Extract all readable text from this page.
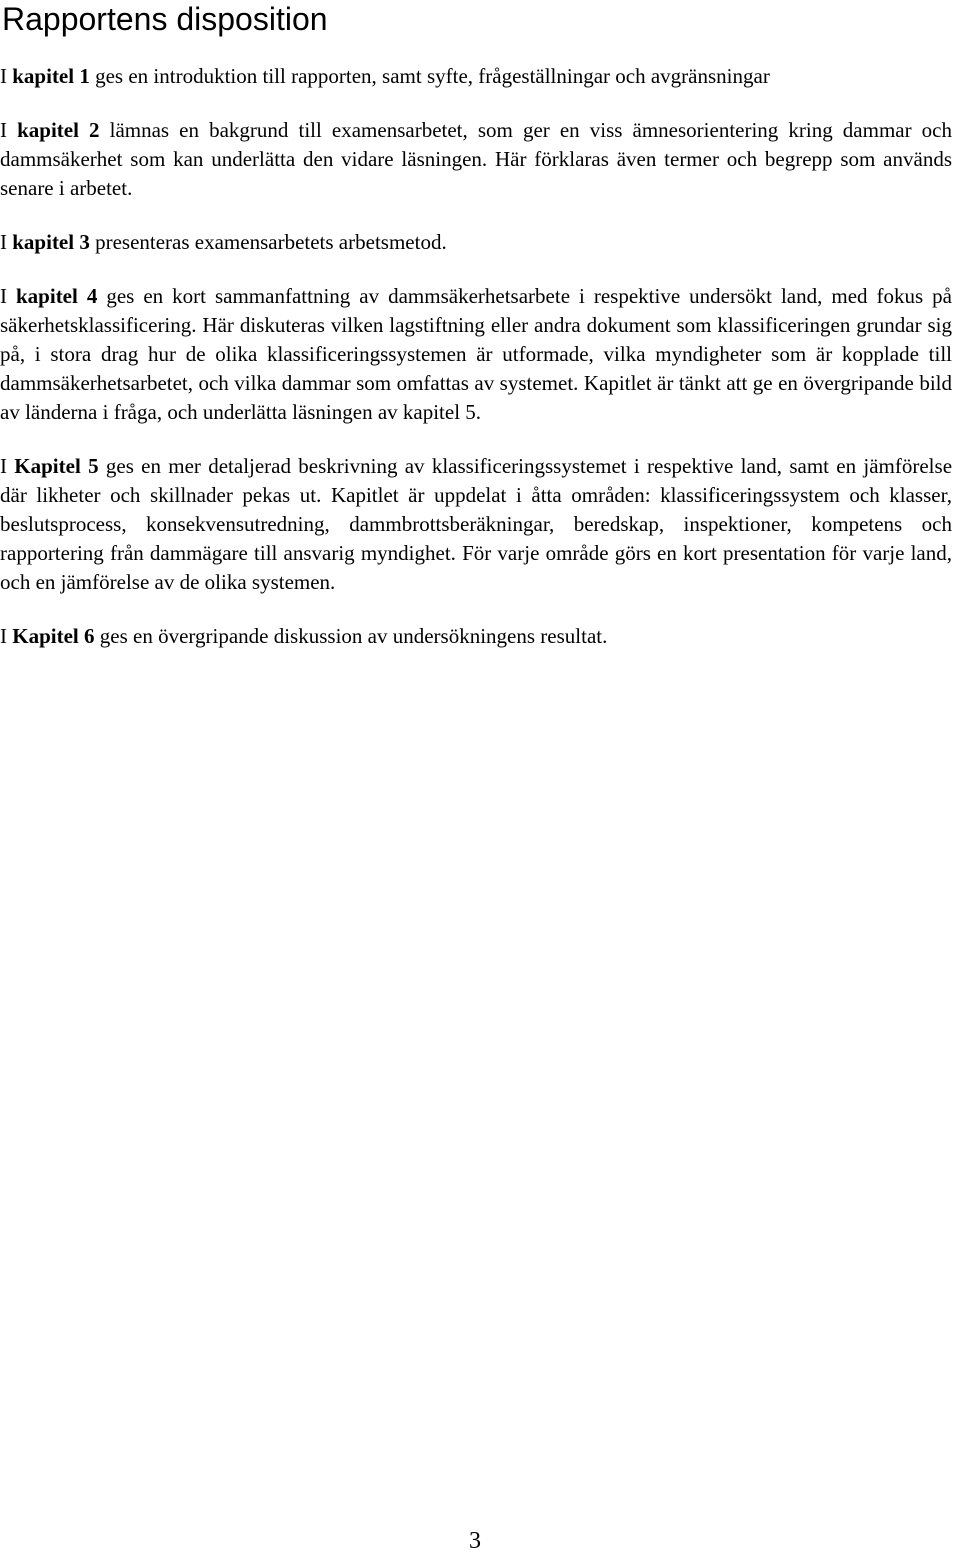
Rapportens disposition

I kapitel 1 ges en introduktion till rapporten, samt syfte, frågeställningar och avgränsningar

I kapitel 2 lämnas en bakgrund till examensarbetet, som ger en viss ämnesorientering kring dammar och dammsäkerhet som kan underlätta den vidare läsningen. Här förklaras även termer och begrepp som används senare i arbetet.

I kapitel 3 presenteras examensarbetets arbetsmetod.

I kapitel 4 ges en kort sammanfattning av dammsäkerhetsarbete i respektive undersökt land, med fokus på säkerhetsklassificering. Här diskuteras vilken lagstiftning eller andra dokument som klassificeringen grundar sig på, i stora drag hur de olika klassificeringssystemen är utformade, vilka myndigheter som är kopplade till dammsäkerhetsarbetet, och vilka dammar som omfattas av systemet. Kapitlet är tänkt att ge en övergripande bild av länderna i fråga, och underlätta läsningen av kapitel 5.

I Kapitel 5 ges en mer detaljerad beskrivning av klassificeringssystemet i respektive land, samt en jämförelse där likheter och skillnader pekas ut. Kapitlet är uppdelat i åtta områden: klassificeringssystem och klasser, beslutsprocess, konsekvensutredning, dammbrottsberäkningar, beredskap, inspektioner, kompetens och rapportering från dammägare till ansvarig myndighet. För varje område görs en kort presentation för varje land, och en jämförelse av de olika systemen.

I Kapitel 6 ges en övergripande diskussion av undersökningens resultat.

3
